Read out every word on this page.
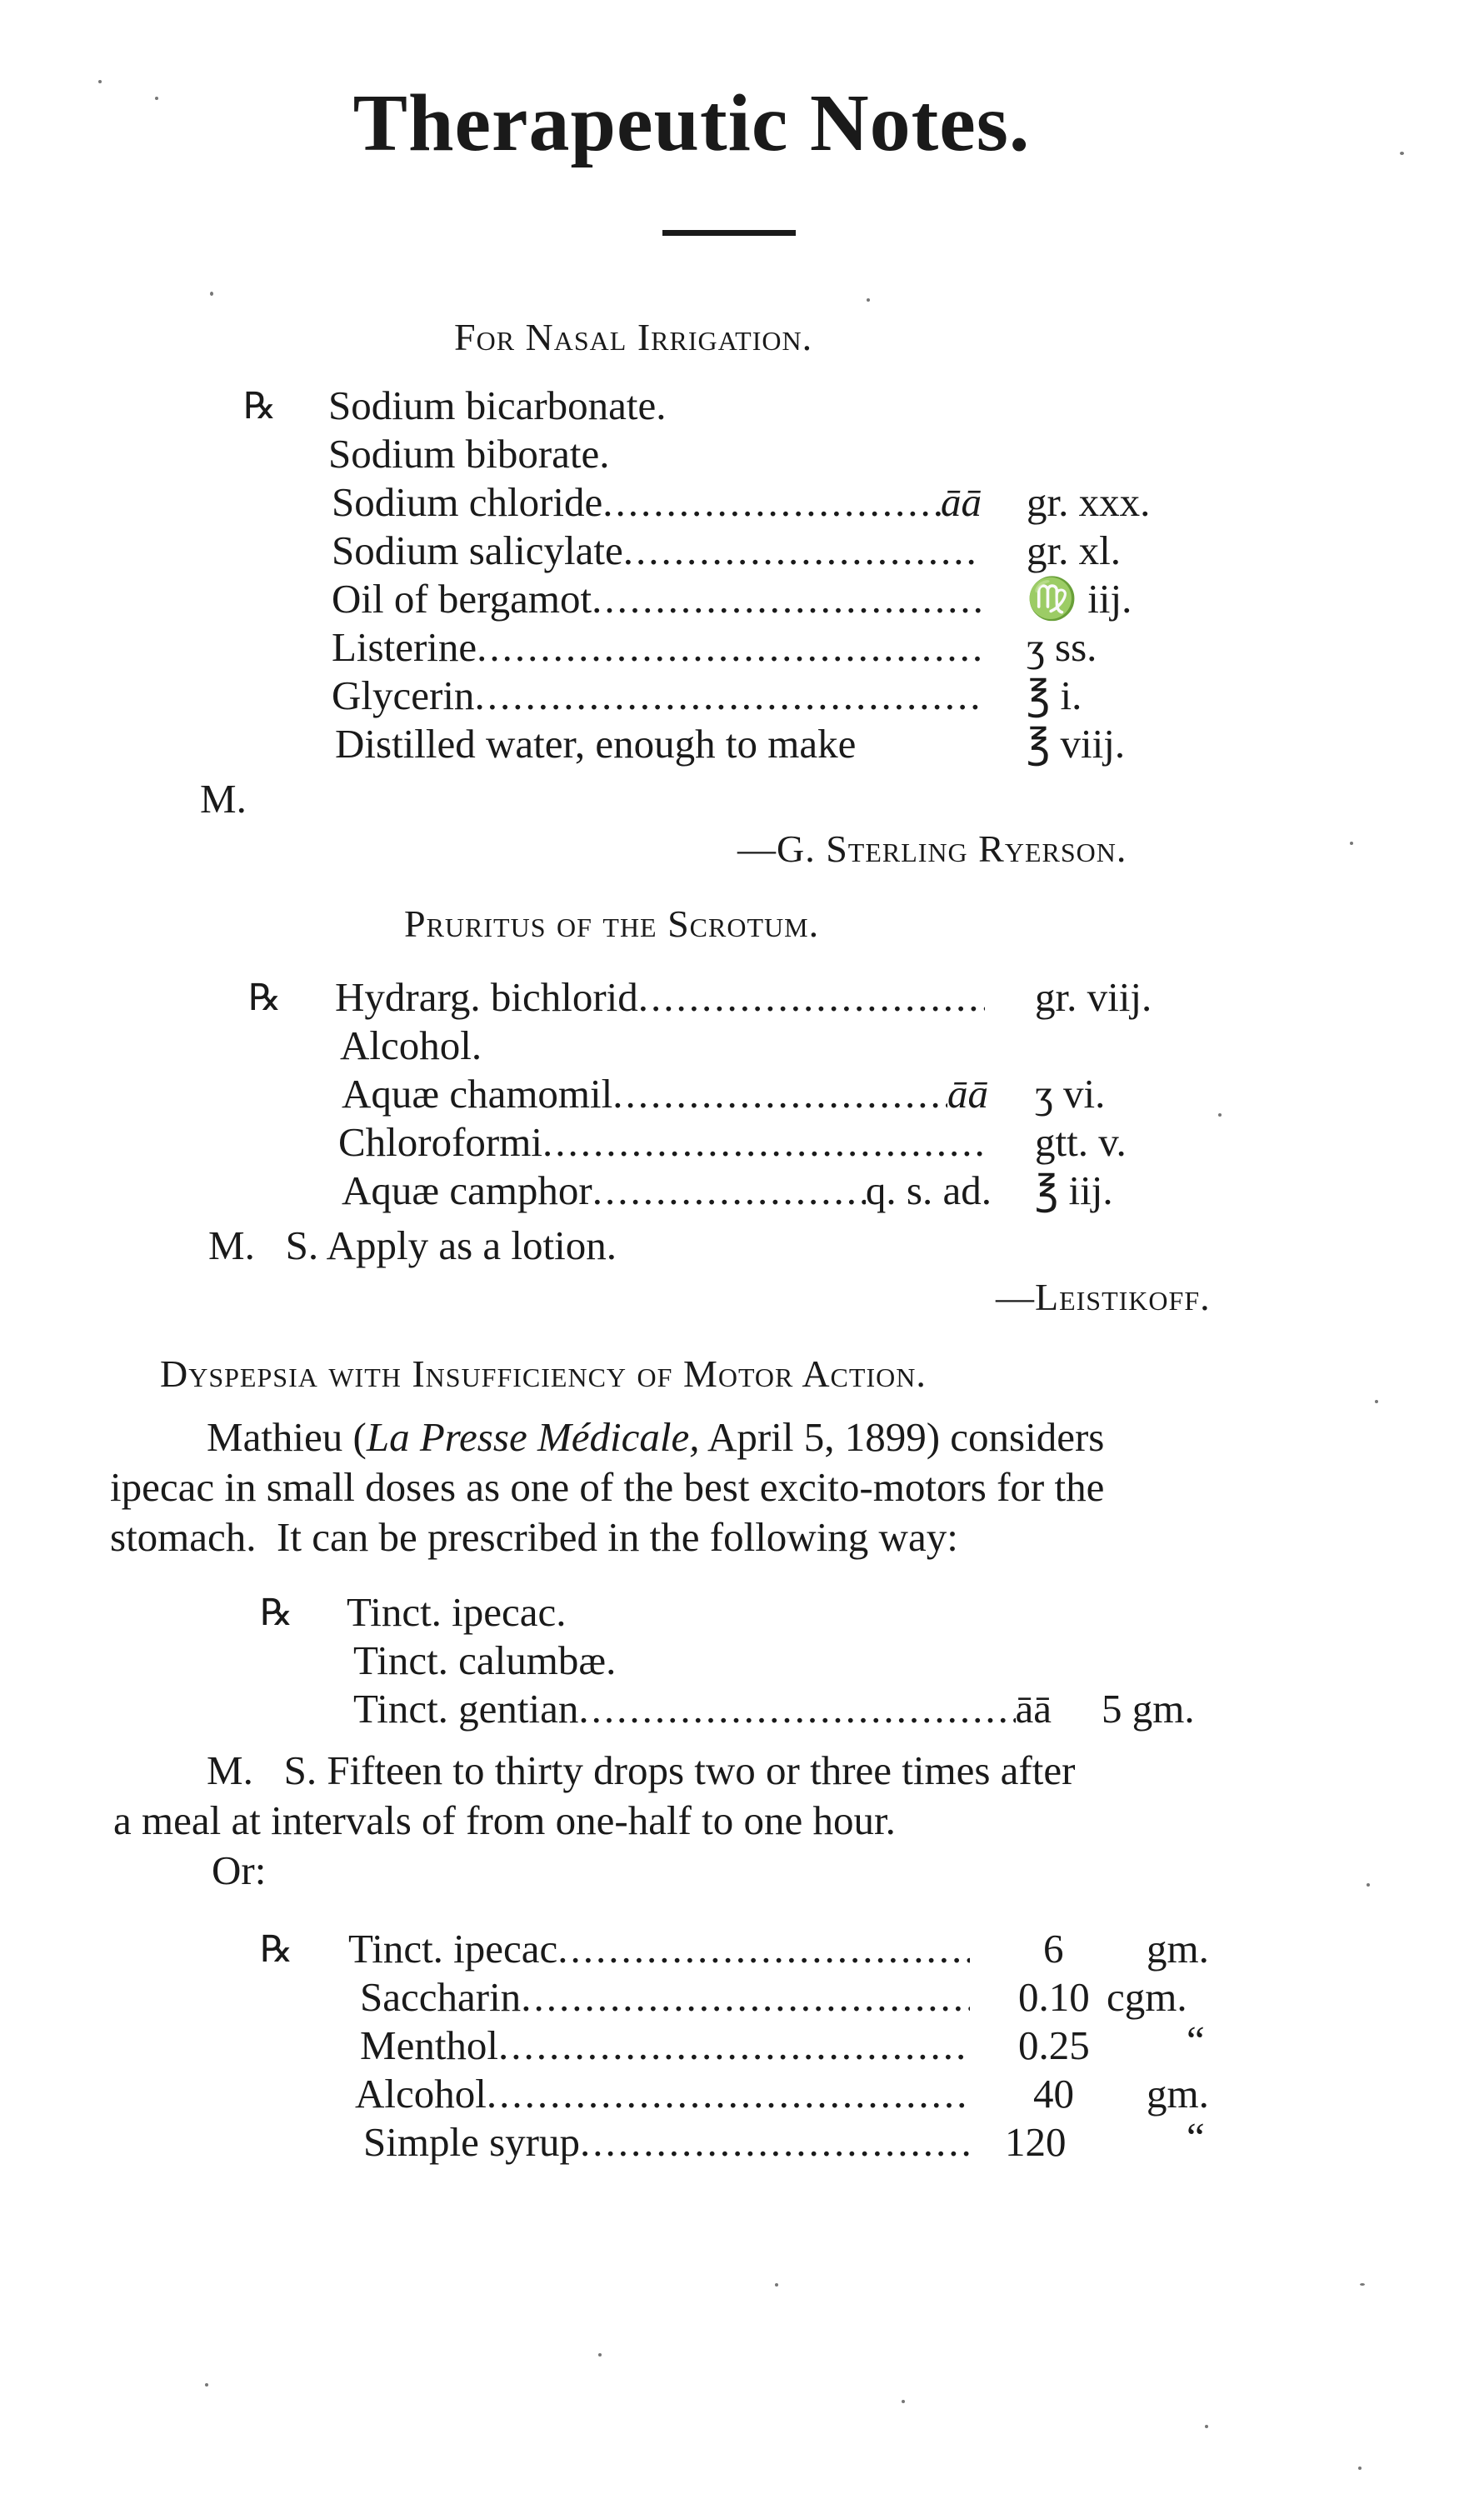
Therapeutic Notes.
For Nasal Irrigation.
℞ Sodium bicarbonate.
Sodium biborate.
Sodium chloride .....	āā gr. xxx.
Sodium salicylate .....	gr. xl.
Oil of bergamot .....	♍ iij.
Listerine .....	ʒ ss.
Glycerin .....	℥ i.
Distilled water, enough to make	℥ viij.
M.
—G. Sterling Ryerson.
Pruritus of the Scrotum.
℞ Hydrarg. bichlorid .....	gr. viij.
Alcohol.
Aquæ chamomil .....	āā ʒ vi.
Chloroformi .....	gtt. v.
Aquæ camphor .....	q. s. ad. ℥ iij.
M.   S. Apply as a lotion.
—Leistikoff.
Dyspepsia with Insufficiency of Motor Action.
Mathieu (La Presse Médicale, April 5, 1899) considers
ipecac in small doses as one of the best excito-motors for the
stomach.  It can be prescribed in the following way:
℞ Tinct. ipecac.
Tinct. calumbæ.
Tinct. gentian .....	āā 5 gm.
M.   S. Fifteen to thirty drops two or three times after
a meal at intervals of from one-half to one hour.
Or:
℞ Tinct. ipecac .....	6 gm.
Saccharin .....	0.10 cgm.
Menthol .....	0.25 “
Alcohol .....	40 gm.
Simple syrup .....	120	“
